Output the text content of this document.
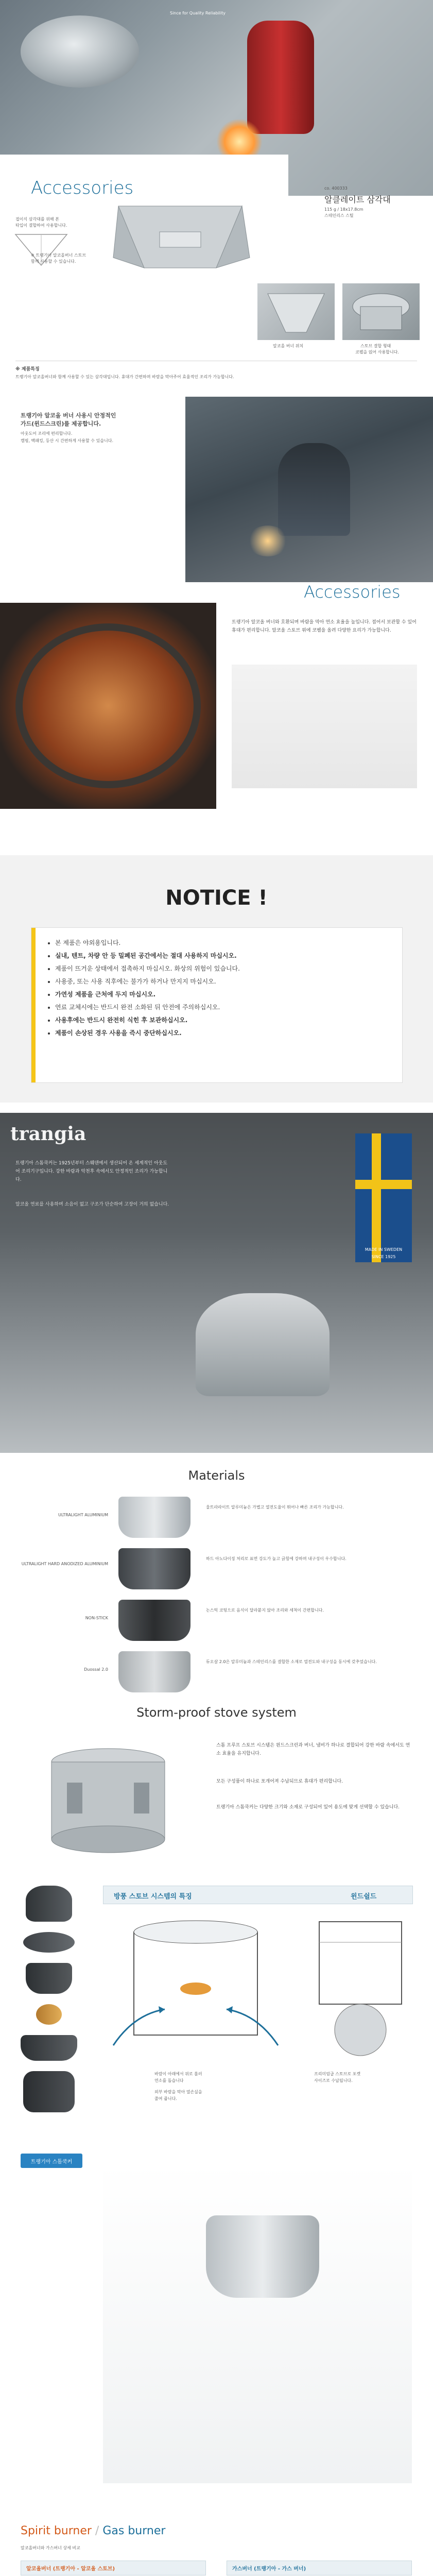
Since for Quality Reliability
Accessories
접이식 삼각대를 위해 본
타입이 결합하여 사용합니다.
co. 400333
알클레이트 삼각대
115 g / 18x17.8cm
스테인리스 스틸
※ 트랭기아 알코올버너 스토브
함께 사용할 수 있습니다.
알코올 버너 위치	스토브 결합 형태
코펠을 얹어 사용합니다.
※ 제품특징
트랭기아 알코올버너와 함께 사용할 수 있는 삼각대입니다. 휴대가 간편하며 바람을 막아주어 효율적인 조리가 가능합니다.
트랭기아 알코올 버너 사용시 안정적인
가드(윈드스크린)를 제공합니다.
아웃도어 조리에 편리합니다.
캠핑, 백패킹, 등산 시 간편하게 사용할 수 있습니다.
Accessories
트랭기아 알코올 버너와 호환되며 바람을 막아 연소 효율을 높입니다. 접어서 보관할 수 있어 휴대가 편리합니다. 알코올 스토브 위에 코펠을 올려 다양한 요리가 가능합니다.
NOTICE !
• 본 제품은 야외용입니다.
• 실내, 텐트, 차량 안 등 밀폐된 공간에서는 절대 사용하지 마십시오.
• 제품이 뜨거운 상태에서 접촉하지 마십시오. 화상의 위험이 있습니다.
• 사용중, 또는 사용 직후에는 불가가 하거나 만지지 마십시오.
• 가연성 제품을 근처에 두지 마십시오.
• 연료 교체시에는 반드시 완전 소화된 뒤 안전에 주의하십시오.
• 사용후에는 반드시 완전히 식힌 후 보관하십시오.
• 제품이 손상된 경우 사용을 즉시 중단하십시오.
trangia
MADE IN SWEDEN
SINCE 1925
트랭기아 스톰쿡커는 1925년부터 스웨덴에서 생산되어 온 세계적인 아웃도어 조리기구입니다. 강한 바람과 악천후 속에서도 안정적인 조리가 가능합니다.
알코올 연료를 사용하며 소음이 없고 구조가 단순하여 고장이 거의 없습니다.
Materials
ULTRALIGHT ALUMINIUM
울트라라이트 알루미늄은 가볍고 열전도율이 뛰어나 빠른 조리가 가능합니다.
ULTRALIGHT HARD ANODIZED ALUMINIUM
하드 아노다이징 처리로 표면 강도가 높고 긁힘에 강하며 내구성이 우수합니다.
NON-STICK
논스틱 코팅으로 음식이 달라붙지 않아 조리와 세척이 간편합니다.
Duossal 2.0
듀오살 2.0은 알루미늄과 스테인리스를 결합한 소재로 열전도와 내구성을 동시에 갖추었습니다.
Storm-proof stove system
스톰 프루프 스토브 시스템은 윈드스크린과 버너, 냄비가 하나로 결합되어 강한 바람 속에서도 연소 효율을 유지합니다.
모든 구성품이 하나로 포개어져 수납되므로 휴대가 편리합니다.
트랭기아 스톰쿡커는 다양한 크기와 소재로 구성되어 있어 용도에 맞게 선택할 수 있습니다.
방풍 스토브 시스템의 특징	윈드쉴드
바람이 아래에서 위로 흘러
연소를 돕습니다
외부 바람을 막아 열손실을
줄여 줍니다.
프리미엄급 스토브로 포켓
사이즈로 수납됩니다.
트랭기아 스톰쿡커
Spirit burner / Gas burner
알코올버너와 가스버너 상세 비교
알코올버너 (트랭기아 - 알코올 스토브)	가스버너 (트랭기아 - 가스 버너)
